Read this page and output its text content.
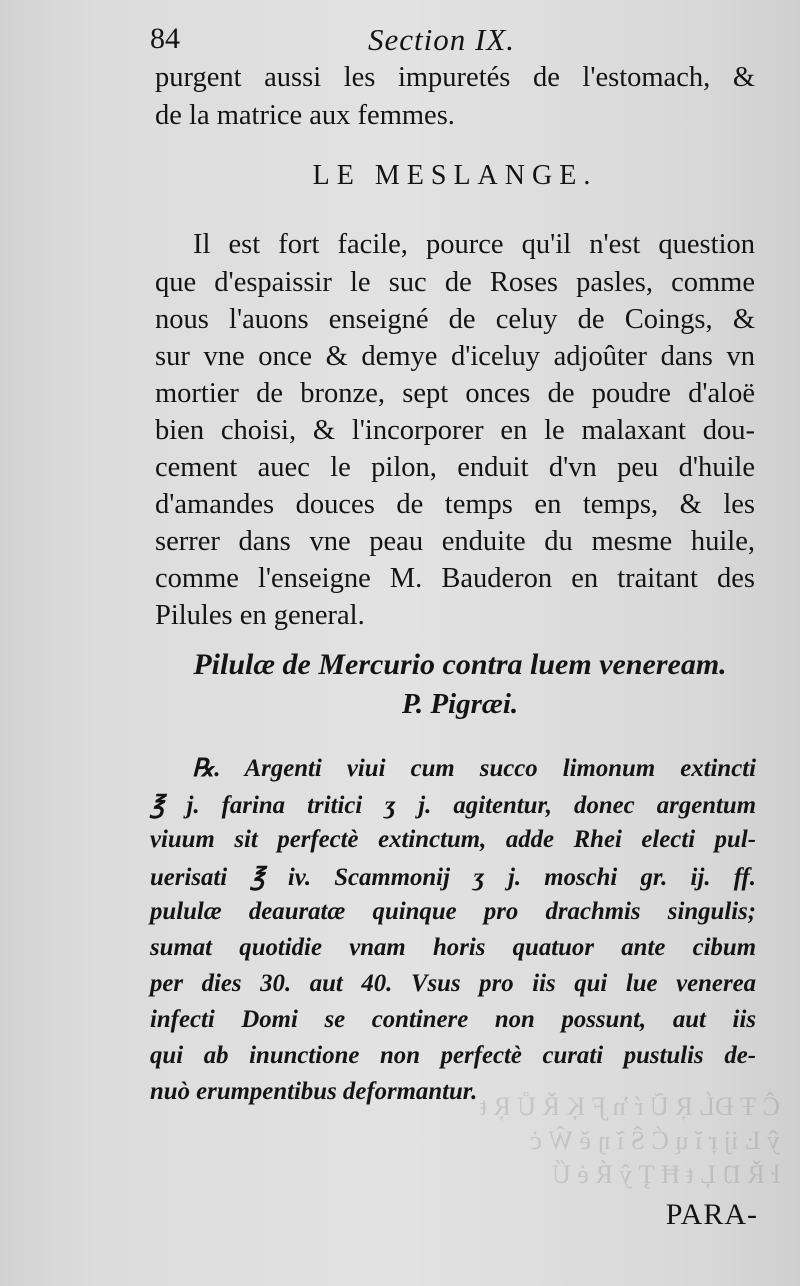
Ĉ Ŧ ĐĹ Ŗ Ũ ŕ ŉ Ƒ Ķ Ř Ů Ŗ ŧ
ŷ Ŀ ĳ ŗ ĭ ų Ć Ŝ ĩ ŋ ĕ Ŵ ċ
ŀ Ř Ŋ Ļ ŧ Ħ Ţ ŷ Ŕ ė Ű
84	Section IX.
purgent aussi les impuretés de l'estomach, &
de la matrice aux femmes.
LE MESLANGE.
Il est fort facile, pource qu'il n'est question
que d'espaissir le suc de Roses pasles, comme
nous l'auons enseigné de celuy de Coings, &
sur vne once & demye d'iceluy adjoûter dans vn
mortier de bronze, sept onces de poudre d'aloë
bien choisi, & l'incorporer en le malaxant dou-
cement auec le pilon, enduit d'vn peu d'huile
d'amandes douces de temps en temps, & les
serrer dans vne peau enduite du mesme huile,
comme l'enseigne M. Bauderon en traitant des
Pilules en general.
Pilulæ de Mercurio contra luem veneream.
P. Pigræi.
℞. Argenti viui cum succo limonum extincti
℥ j. farina tritici ʒ j. agitentur, donec argentum
viuum sit perfectè extinctum, adde Rhei electi pul-
uerisati ℥ iv. Scammonij ʒ j. moschi gr. ij. ff.
pululæ deauratæ quinque pro drachmis singulis;
sumat quotidie vnam horis quatuor ante cibum
per dies 30. aut 40. Vsus pro iis qui lue venerea
infecti Domi se continere non possunt, aut iis
qui ab inunctione non perfectè curati pustulis de-
nuò erumpentibus deformantur.
PARA-
